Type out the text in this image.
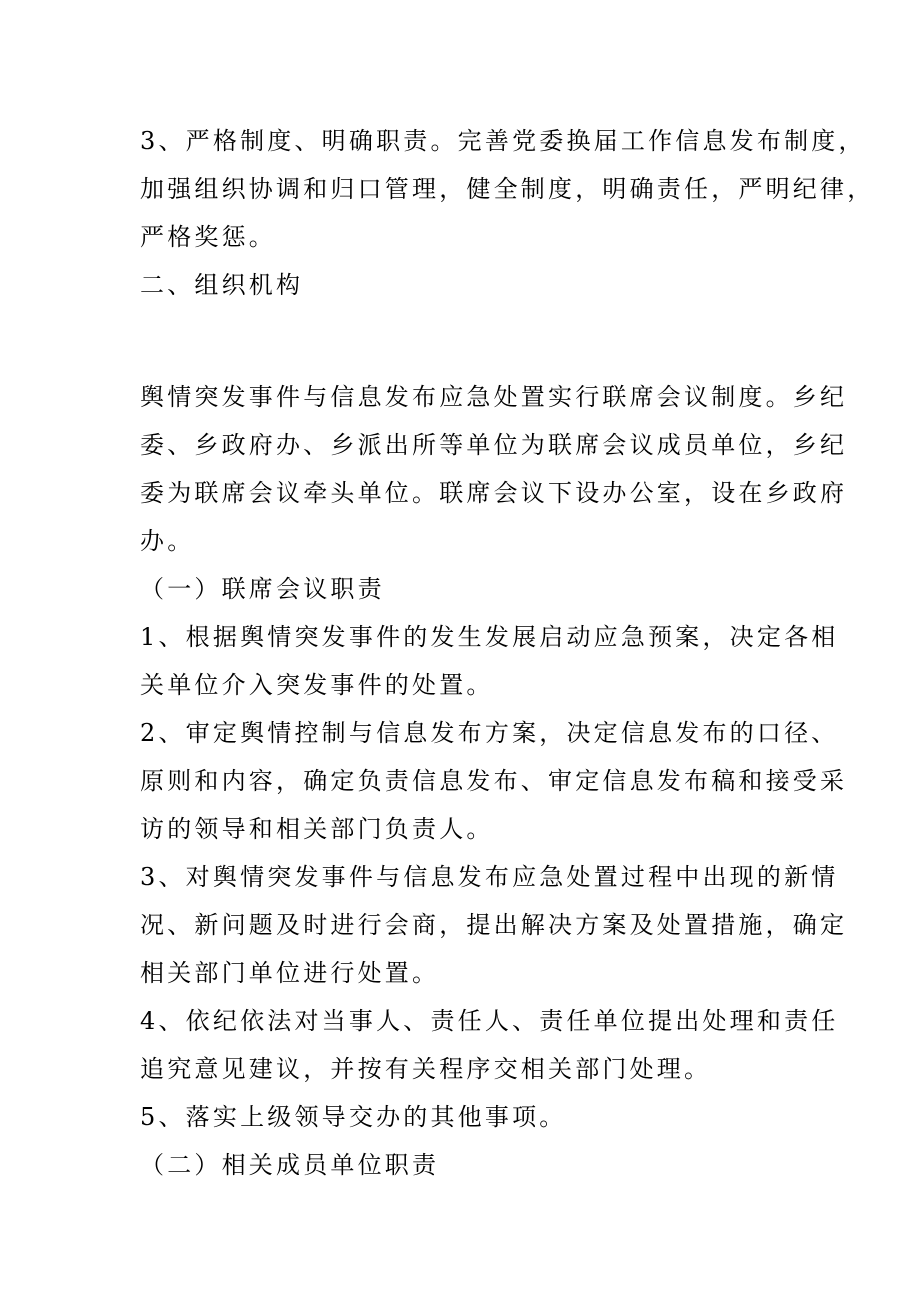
3、严格制度、明确职责。完善党委换届工作信息发布制度，
加强组织协调和归口管理，健全制度，明确责任，严明纪律，
严格奖惩。
二、组织机构
舆情突发事件与信息发布应急处置实行联席会议制度。乡纪
委、乡政府办、乡派出所等单位为联席会议成员单位，乡纪
委为联席会议牵头单位。联席会议下设办公室，设在乡政府
办。
（一）联席会议职责
1、根据舆情突发事件的发生发展启动应急预案，决定各相
关单位介入突发事件的处置。
2、审定舆情控制与信息发布方案，决定信息发布的口径、
原则和内容，确定负责信息发布、审定信息发布稿和接受采
访的领导和相关部门负责人。
3、对舆情突发事件与信息发布应急处置过程中出现的新情
况、新问题及时进行会商，提出解决方案及处置措施，确定
相关部门单位进行处置。
4、依纪依法对当事人、责任人、责任单位提出处理和责任
追究意见建议，并按有关程序交相关部门处理。
5、落实上级领导交办的其他事项。
（二）相关成员单位职责
